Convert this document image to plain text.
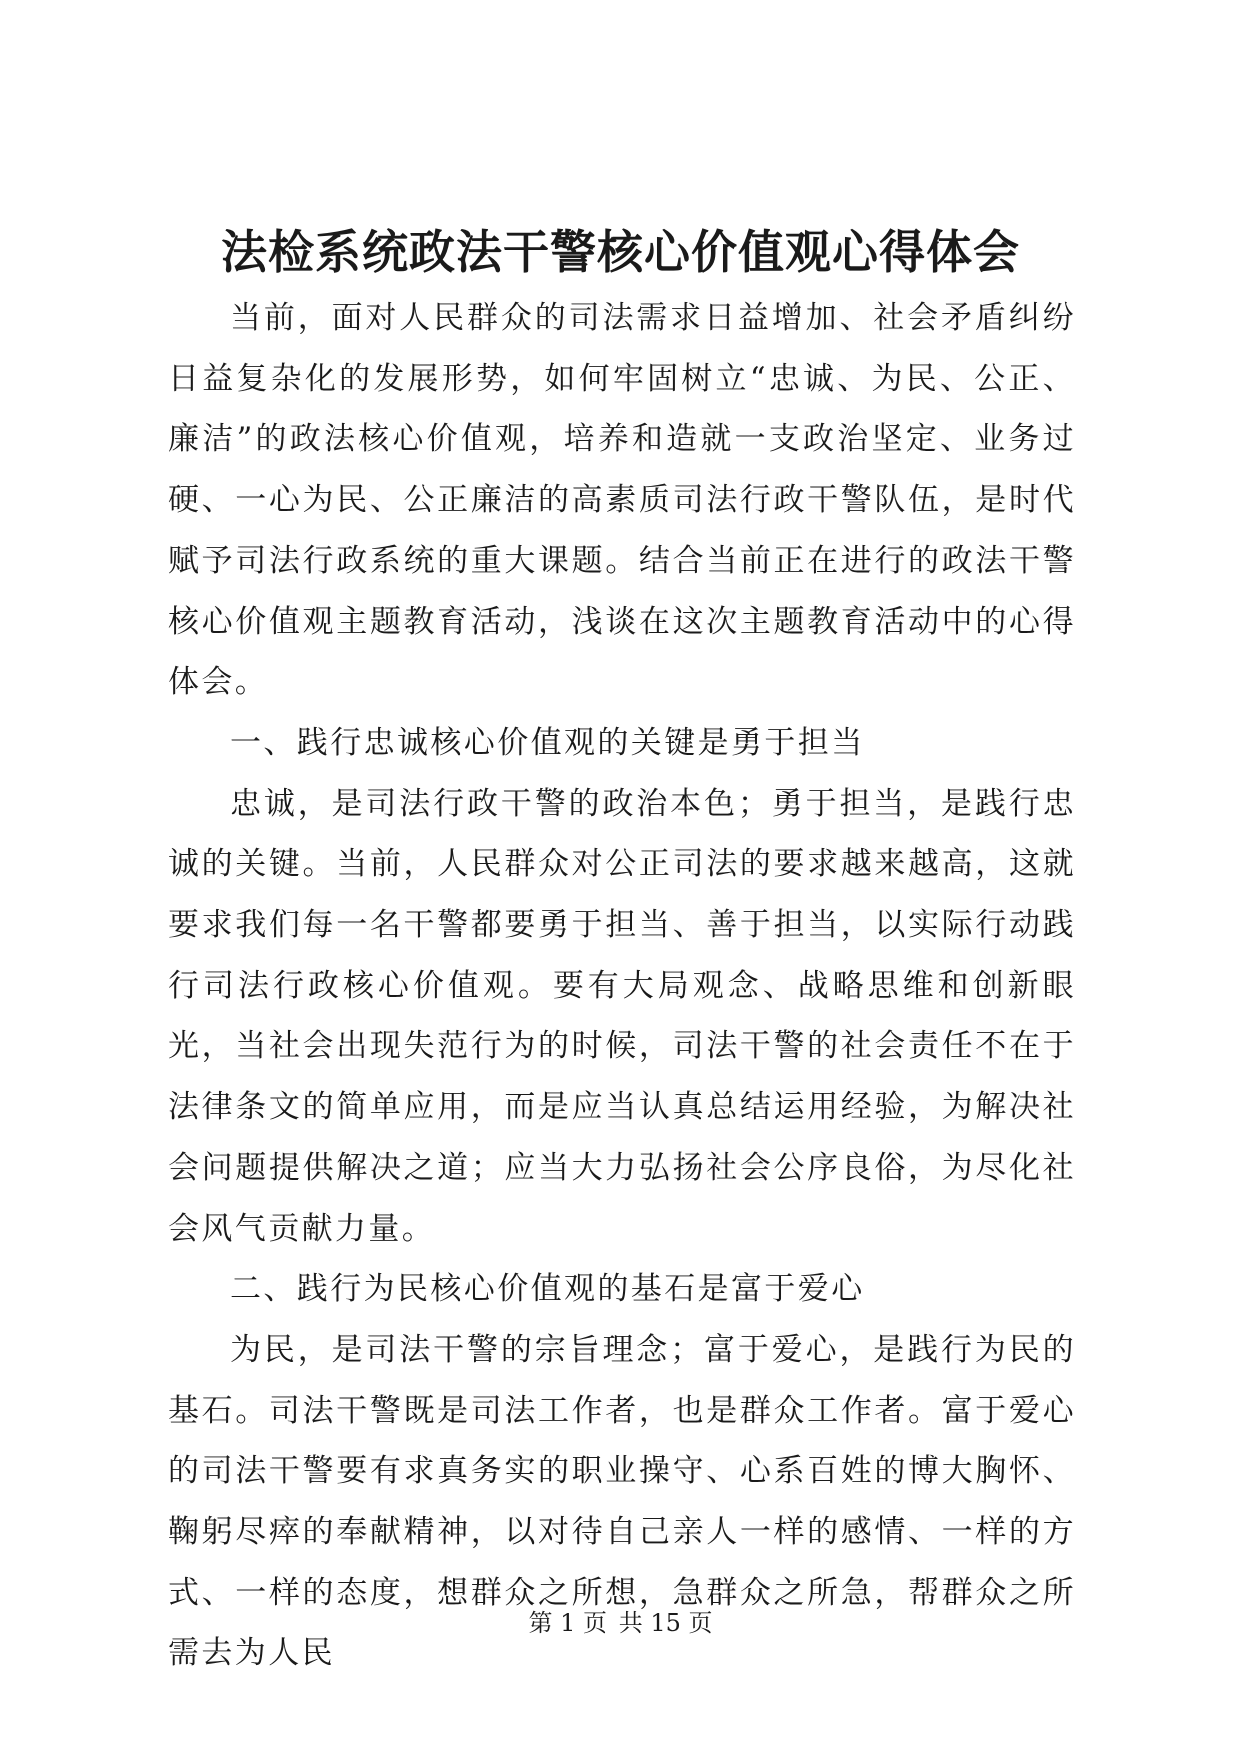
法检系统政法干警核心价值观心得体会

当前，面对人民群众的司法需求日益增加、社会矛盾纠纷日益复杂化的发展形势，如何牢固树立“忠诚、为民、公正、廉洁”的政法核心价值观，培养和造就一支政治坚定、业务过硬、一心为民、公正廉洁的高素质司法行政干警队伍，是时代赋予司法行政系统的重大课题。结合当前正在进行的政法干警核心价值观主题教育活动，浅谈在这次主题教育活动中的心得体会。

一、践行忠诚核心价值观的关键是勇于担当

忠诚，是司法行政干警的政治本色；勇于担当，是践行忠诚的关键。当前，人民群众对公正司法的要求越来越高，这就要求我们每一名干警都要勇于担当、善于担当，以实际行动践行司法行政核心价值观。要有大局观念、战略思维和创新眼光，当社会出现失范行为的时候，司法干警的社会责任不在于法律条文的简单应用，而是应当认真总结运用经验，为解决社会问题提供解决之道；应当大力弘扬社会公序良俗，为尽化社会风气贡献力量。

二、践行为民核心价值观的基石是富于爱心

为民，是司法干警的宗旨理念；富于爱心，是践行为民的基石。司法干警既是司法工作者，也是群众工作者。富于爱心的司法干警要有求真务实的职业操守、心系百姓的博大胸怀、鞠躬尽瘁的奉献精神，以对待自己亲人一样的感情、一样的方式、一样的态度，想群众之所想，急群众之所急，帮群众之所需去为人民

第 1 页 共 15 页
